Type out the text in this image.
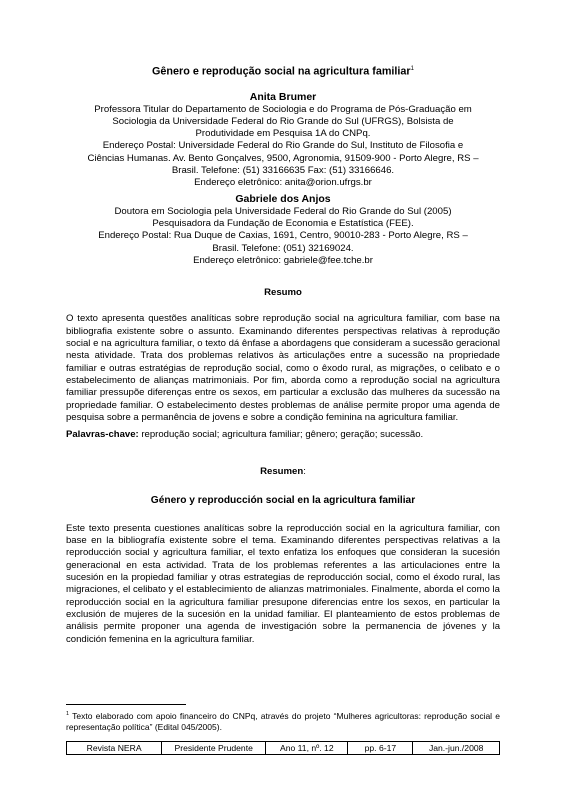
Gênero e reprodução social na agricultura familiar$^1$
Anita Brumer
Professora Titular do Departamento de Sociologia e do Programa de Pós-Graduação em
Sociologia da Universidade Federal do Rio Grande do Sul (UFRGS), Bolsista de
Produtividade em Pesquisa 1A do CNPq.
Endereço Postal: Universidade Federal do Rio Grande do Sul, Instituto de Filosofia e
Ciências Humanas. Av. Bento Gonçalves, 9500, Agronomia, 91509-900 - Porto Alegre, RS –
Brasil. Telefone: (51) 33166635 Fax: (51) 33166646.
Endereço eletrônico: anita@orion.ufrgs.br
Gabriele dos Anjos
Doutora em Sociologia pela Universidade Federal do Rio Grande do Sul (2005)
Pesquisadora da Fundação de Economia e Estatística (FEE).
Endereço Postal: Rua Duque de Caxias, 1691, Centro, 90010-283 - Porto Alegre, RS –
Brasil. Telefone: (051) 32169024.
Endereço eletrônico: gabriele@fee.tche.br
Resumo
O texto apresenta questões analíticas sobre reprodução social na agricultura familiar, com base na bibliografia existente sobre o assunto. Examinando diferentes perspectivas relativas à reprodução social e na agricultura familiar, o texto dá ênfase a abordagens que consideram a sucessão geracional nesta atividade. Trata dos problemas relativos às articulações entre a sucessão na propriedade familiar e outras estratégias de reprodução social, como o êxodo rural, as migrações, o celibato e o estabelecimento de alianças matrimoniais. Por fim, aborda como a reprodução social na agricultura familiar pressupõe diferenças entre os sexos, em particular a exclusão das mulheres da sucessão na propriedade familiar. O estabelecimento destes problemas de análise permite propor uma agenda de pesquisa sobre a permanência de jovens e sobre a condição feminina na agricultura familiar.
Palavras-chave: reprodução social; agricultura familiar; gênero; geração; sucessão.
Resumen:
Género y reproducción social en la agricultura familiar
Este texto presenta cuestiones analíticas sobre la reproducción social en la agricultura familiar, con base en la bibliografía existente sobre el tema. Examinando diferentes perspectivas relativas a la reproducción social y agricultura familiar, el texto enfatiza los enfoques que consideran la sucesión generacional en esta actividad. Trata de los problemas referentes a las articulaciones entre la sucesión en la propiedad familiar y otras estrategias de reproducción social, como el éxodo rural, las migraciones, el celibato y el establecimiento de alianzas matrimoniales. Finalmente, aborda el como la reproducción social en la agricultura familiar presupone diferencias entre los sexos, en particular la exclusión de mujeres de la sucesión en la unidad familiar. El planteamiento de estos problemas de análisis permite proponer una agenda de investigación sobre la permanencia de jóvenes y la condición femenina en la agricultura familiar.
$^1$ Texto elaborado com apoio financeiro do CNPq, através do projeto “Mulheres agricultoras: reprodução social e representação política” (Edital 045/2005).
Revista NERA	Presidente Prudente	Ano 11, nº. 12	pp. 6-17	Jan.-jun./2008
